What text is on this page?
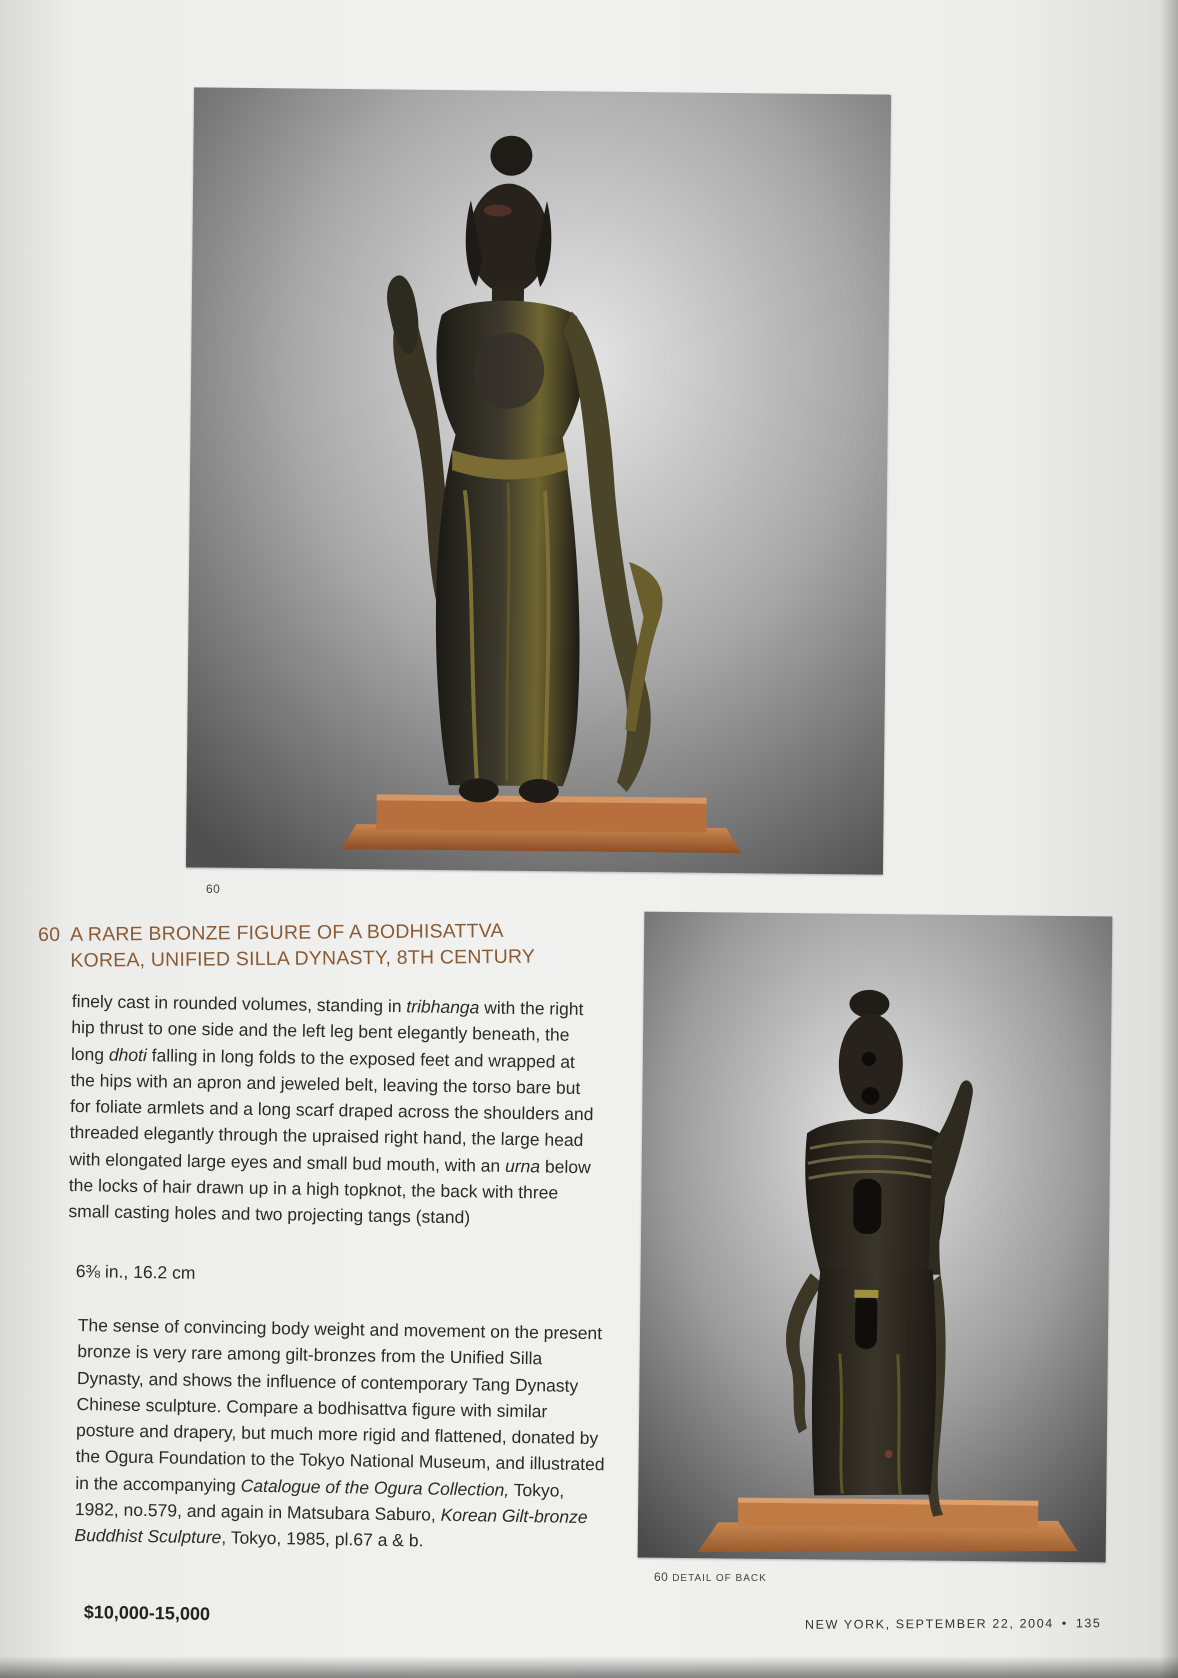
60
60 A RARE BRONZE FIGURE OF A BODHISATTVA
KOREA, UNIFIED SILLA DYNASTY, 8TH CENTURY

finely cast in rounded volumes, standing in tribhanga with the right hip thrust to one side and the left leg bent elegantly beneath, the long dhoti falling in long folds to the exposed feet and wrapped at the hips with an apron and jeweled belt, leaving the torso bare but for foliate armlets and a long scarf draped across the shoulders and threaded elegantly through the upraised right hand, the large head with elongated large eyes and small bud mouth, with an urna below the locks of hair drawn up in a high topknot, the back with three small casting holes and two projecting tangs (stand)

6⅜ in., 16.2 cm

The sense of convincing body weight and movement on the present bronze is very rare among gilt-bronzes from the Unified Silla Dynasty, and shows the influence of contemporary Tang Dynasty Chinese sculpture. Compare a bodhisattva figure with similar posture and drapery, but much more rigid and flattened, donated by the Ogura Foundation to the Tokyo National Museum, and illustrated in the accompanying Catalogue of the Ogura Collection, Tokyo, 1982, no.579, and again in Matsubara Saburo, Korean Gilt-bronze Buddhist Sculpture, Tokyo, 1985, pl.67 a & b.

60 DETAIL OF BACK
$10,000-15,000
NEW YORK, SEPTEMBER 22, 2004 • 135
